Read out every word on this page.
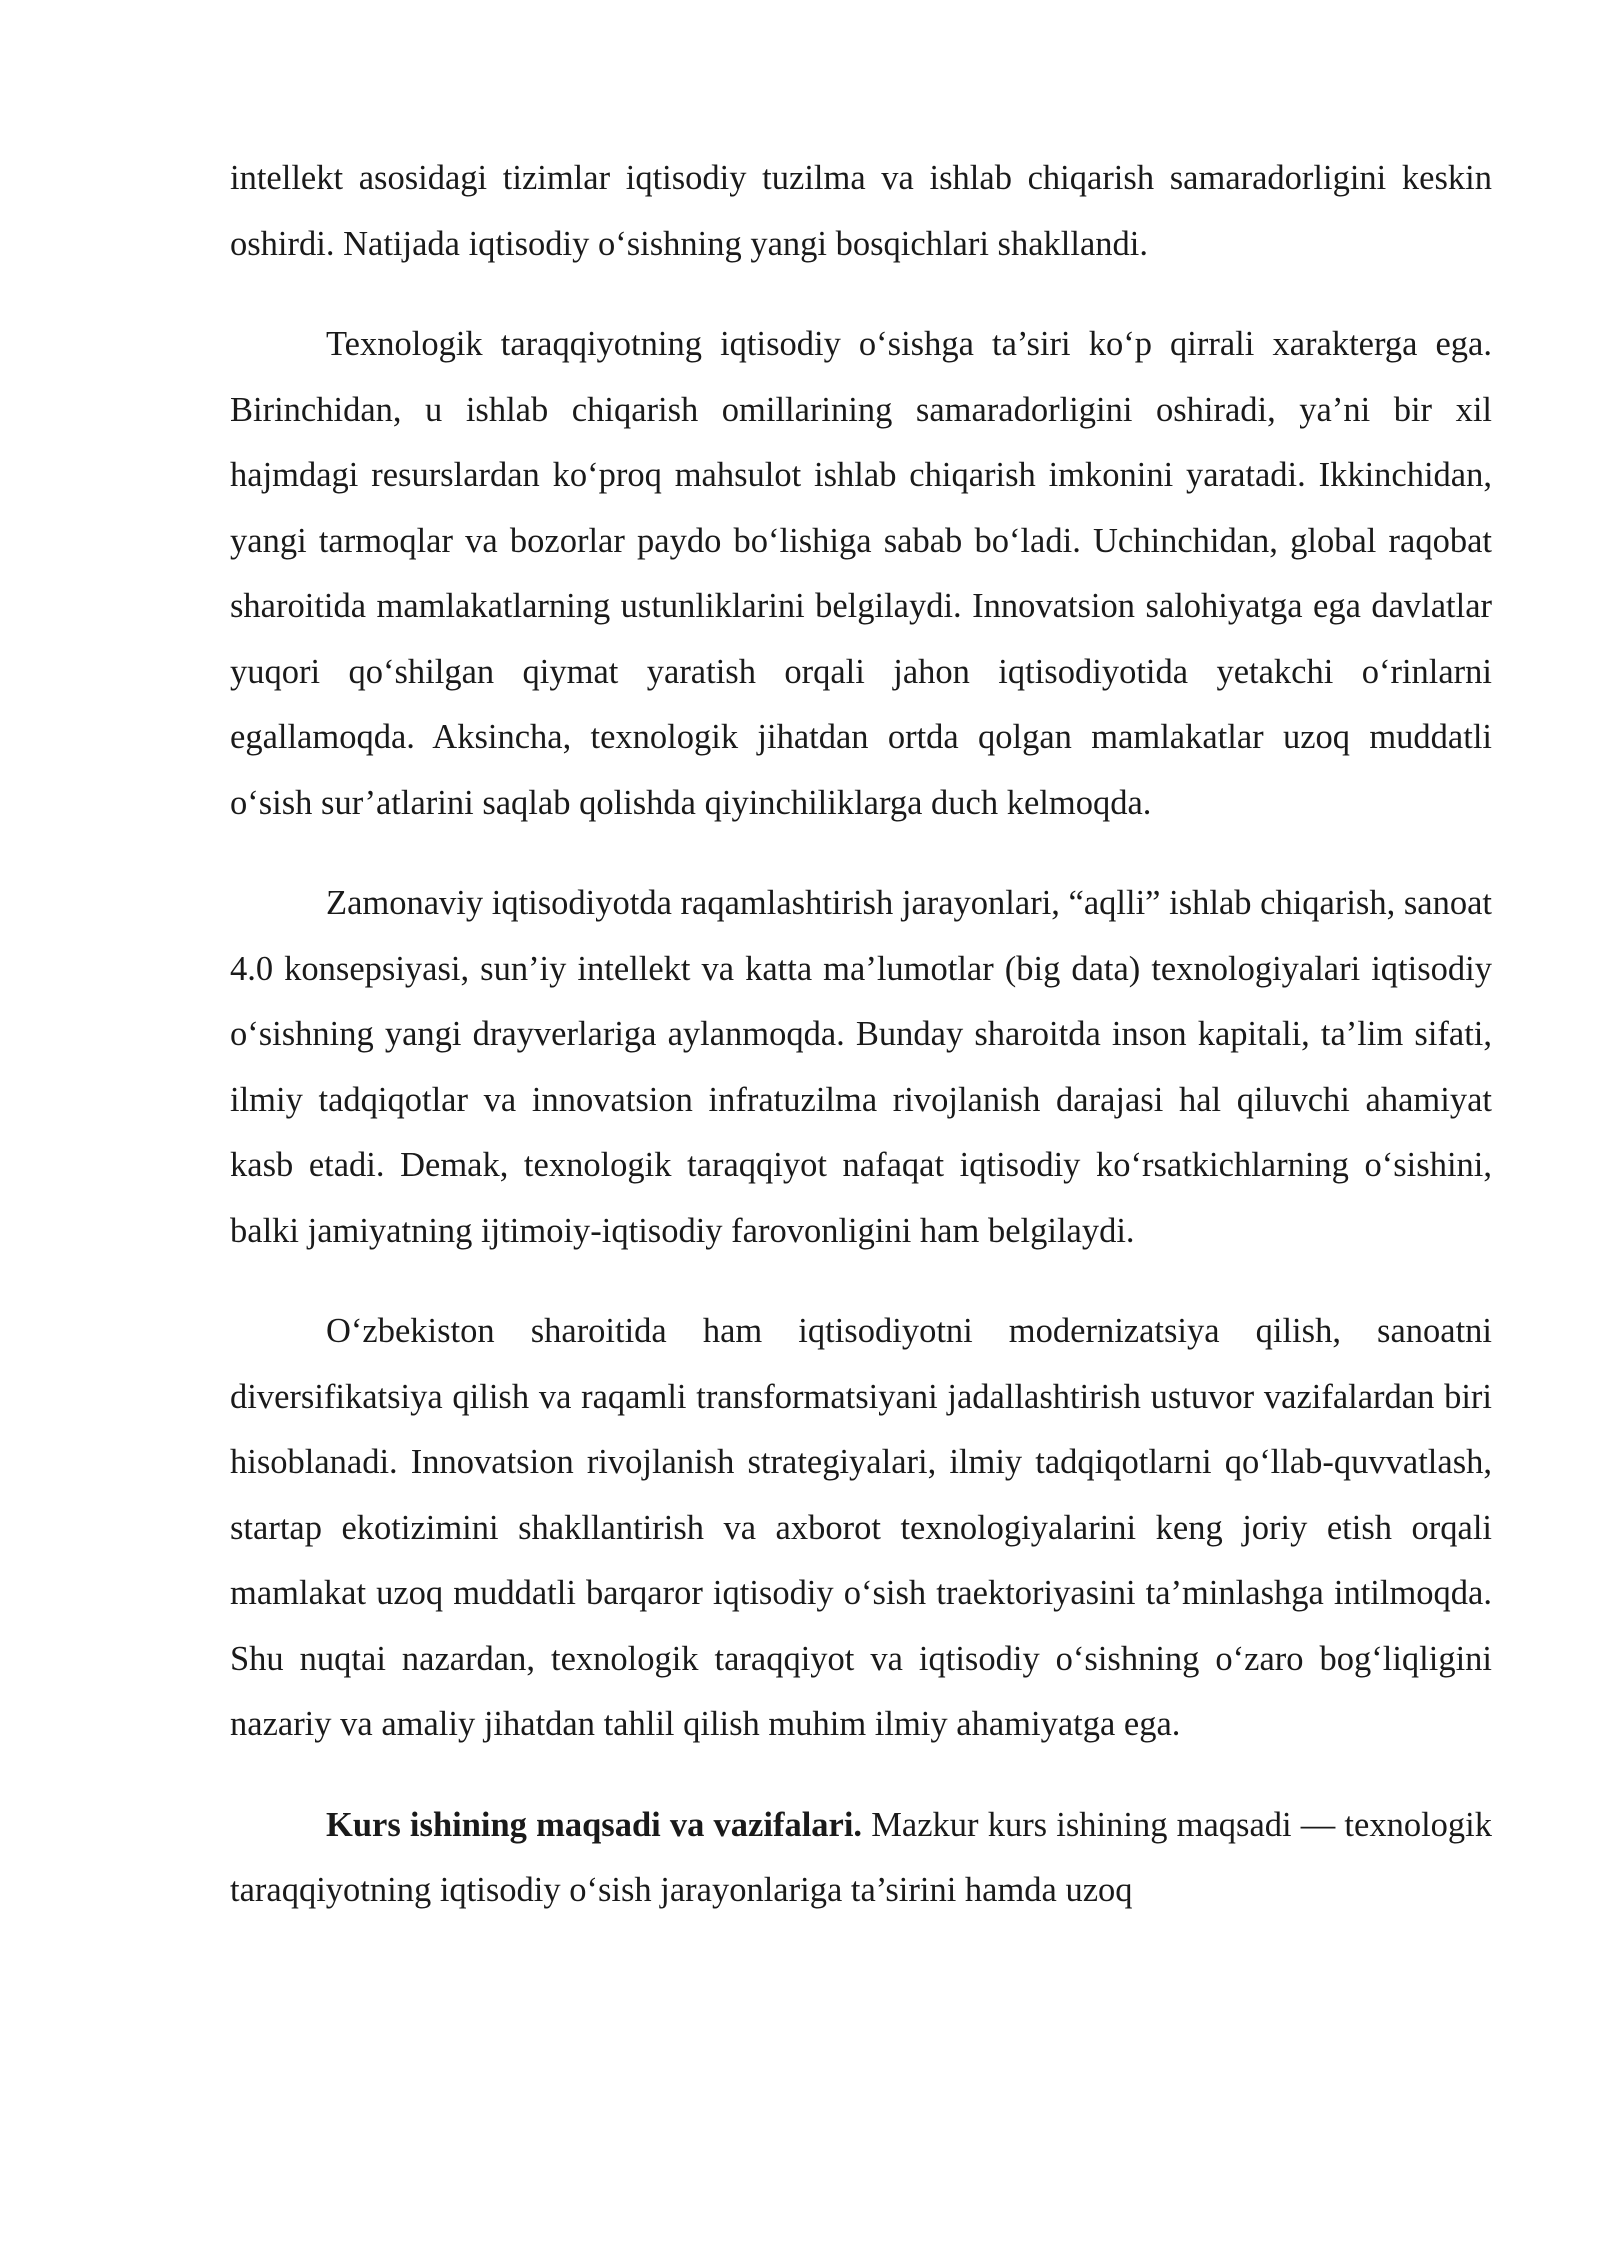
intellekt asosidagi tizimlar iqtisodiy tuzilma va ishlab chiqarish samaradorligini keskin oshirdi. Natijada iqtisodiy o‘sishning yangi bosqichlari shakllandi.

Texnologik taraqqiyotning iqtisodiy o‘sishga ta’siri ko‘p qirrali xarakterga ega. Birinchidan, u ishlab chiqarish omillarining samaradorligini oshiradi, ya’ni bir xil hajmdagi resurslardan ko‘proq mahsulot ishlab chiqarish imkonini yaratadi. Ikkinchidan, yangi tarmoqlar va bozorlar paydo bo‘lishiga sabab bo‘ladi. Uchinchidan, global raqobat sharoitida mamlakatlarning ustunliklarini belgilaydi. Innovatsion salohiyatga ega davlatlar yuqori qo‘shilgan qiymat yaratish orqali jahon iqtisodiyotida yetakchi o‘rinlarni egallamoqda. Aksincha, texnologik jihatdan ortda qolgan mamlakatlar uzoq muddatli o‘sish sur’atlarini saqlab qolishda qiyinchiliklarga duch kelmoqda.

Zamonaviy iqtisodiyotda raqamlashtirish jarayonlari, “aqlli” ishlab chiqarish, sanoat 4.0 konsepsiyasi, sun’iy intellekt va katta ma’lumotlar (big data) texnologiyalari iqtisodiy o‘sishning yangi drayverlariga aylanmoqda. Bunday sharoitda inson kapitali, ta’lim sifati, ilmiy tadqiqotlar va innovatsion infratuzilma rivojlanish darajasi hal qiluvchi ahamiyat kasb etadi. Demak, texnologik taraqqiyot nafaqat iqtisodiy ko‘rsatkichlarning o‘sishini, balki jamiyatning ijtimoiy-iqtisodiy farovonligini ham belgilaydi.

O‘zbekiston sharoitida ham iqtisodiyotni modernizatsiya qilish, sanoatni diversifikatsiya qilish va raqamli transformatsiyani jadallashtirish ustuvor vazifalardan biri hisoblanadi. Innovatsion rivojlanish strategiyalari, ilmiy tadqiqotlarni qo‘llab-quvvatlash, startap ekotizimini shakllantirish va axborot texnologiyalarini keng joriy etish orqali mamlakat uzoq muddatli barqaror iqtisodiy o‘sish traektoriyasini ta’minlashga intilmoqda. Shu nuqtai nazardan, texnologik taraqqiyot va iqtisodiy o‘sishning o‘zaro bog‘liqligini nazariy va amaliy jihatdan tahlil qilish muhim ilmiy ahamiyatga ega.

Kurs ishining maqsadi va vazifalari. Mazkur kurs ishining maqsadi — texnologik taraqqiyotning iqtisodiy o‘sish jarayonlariga ta’sirini hamda uzoq
